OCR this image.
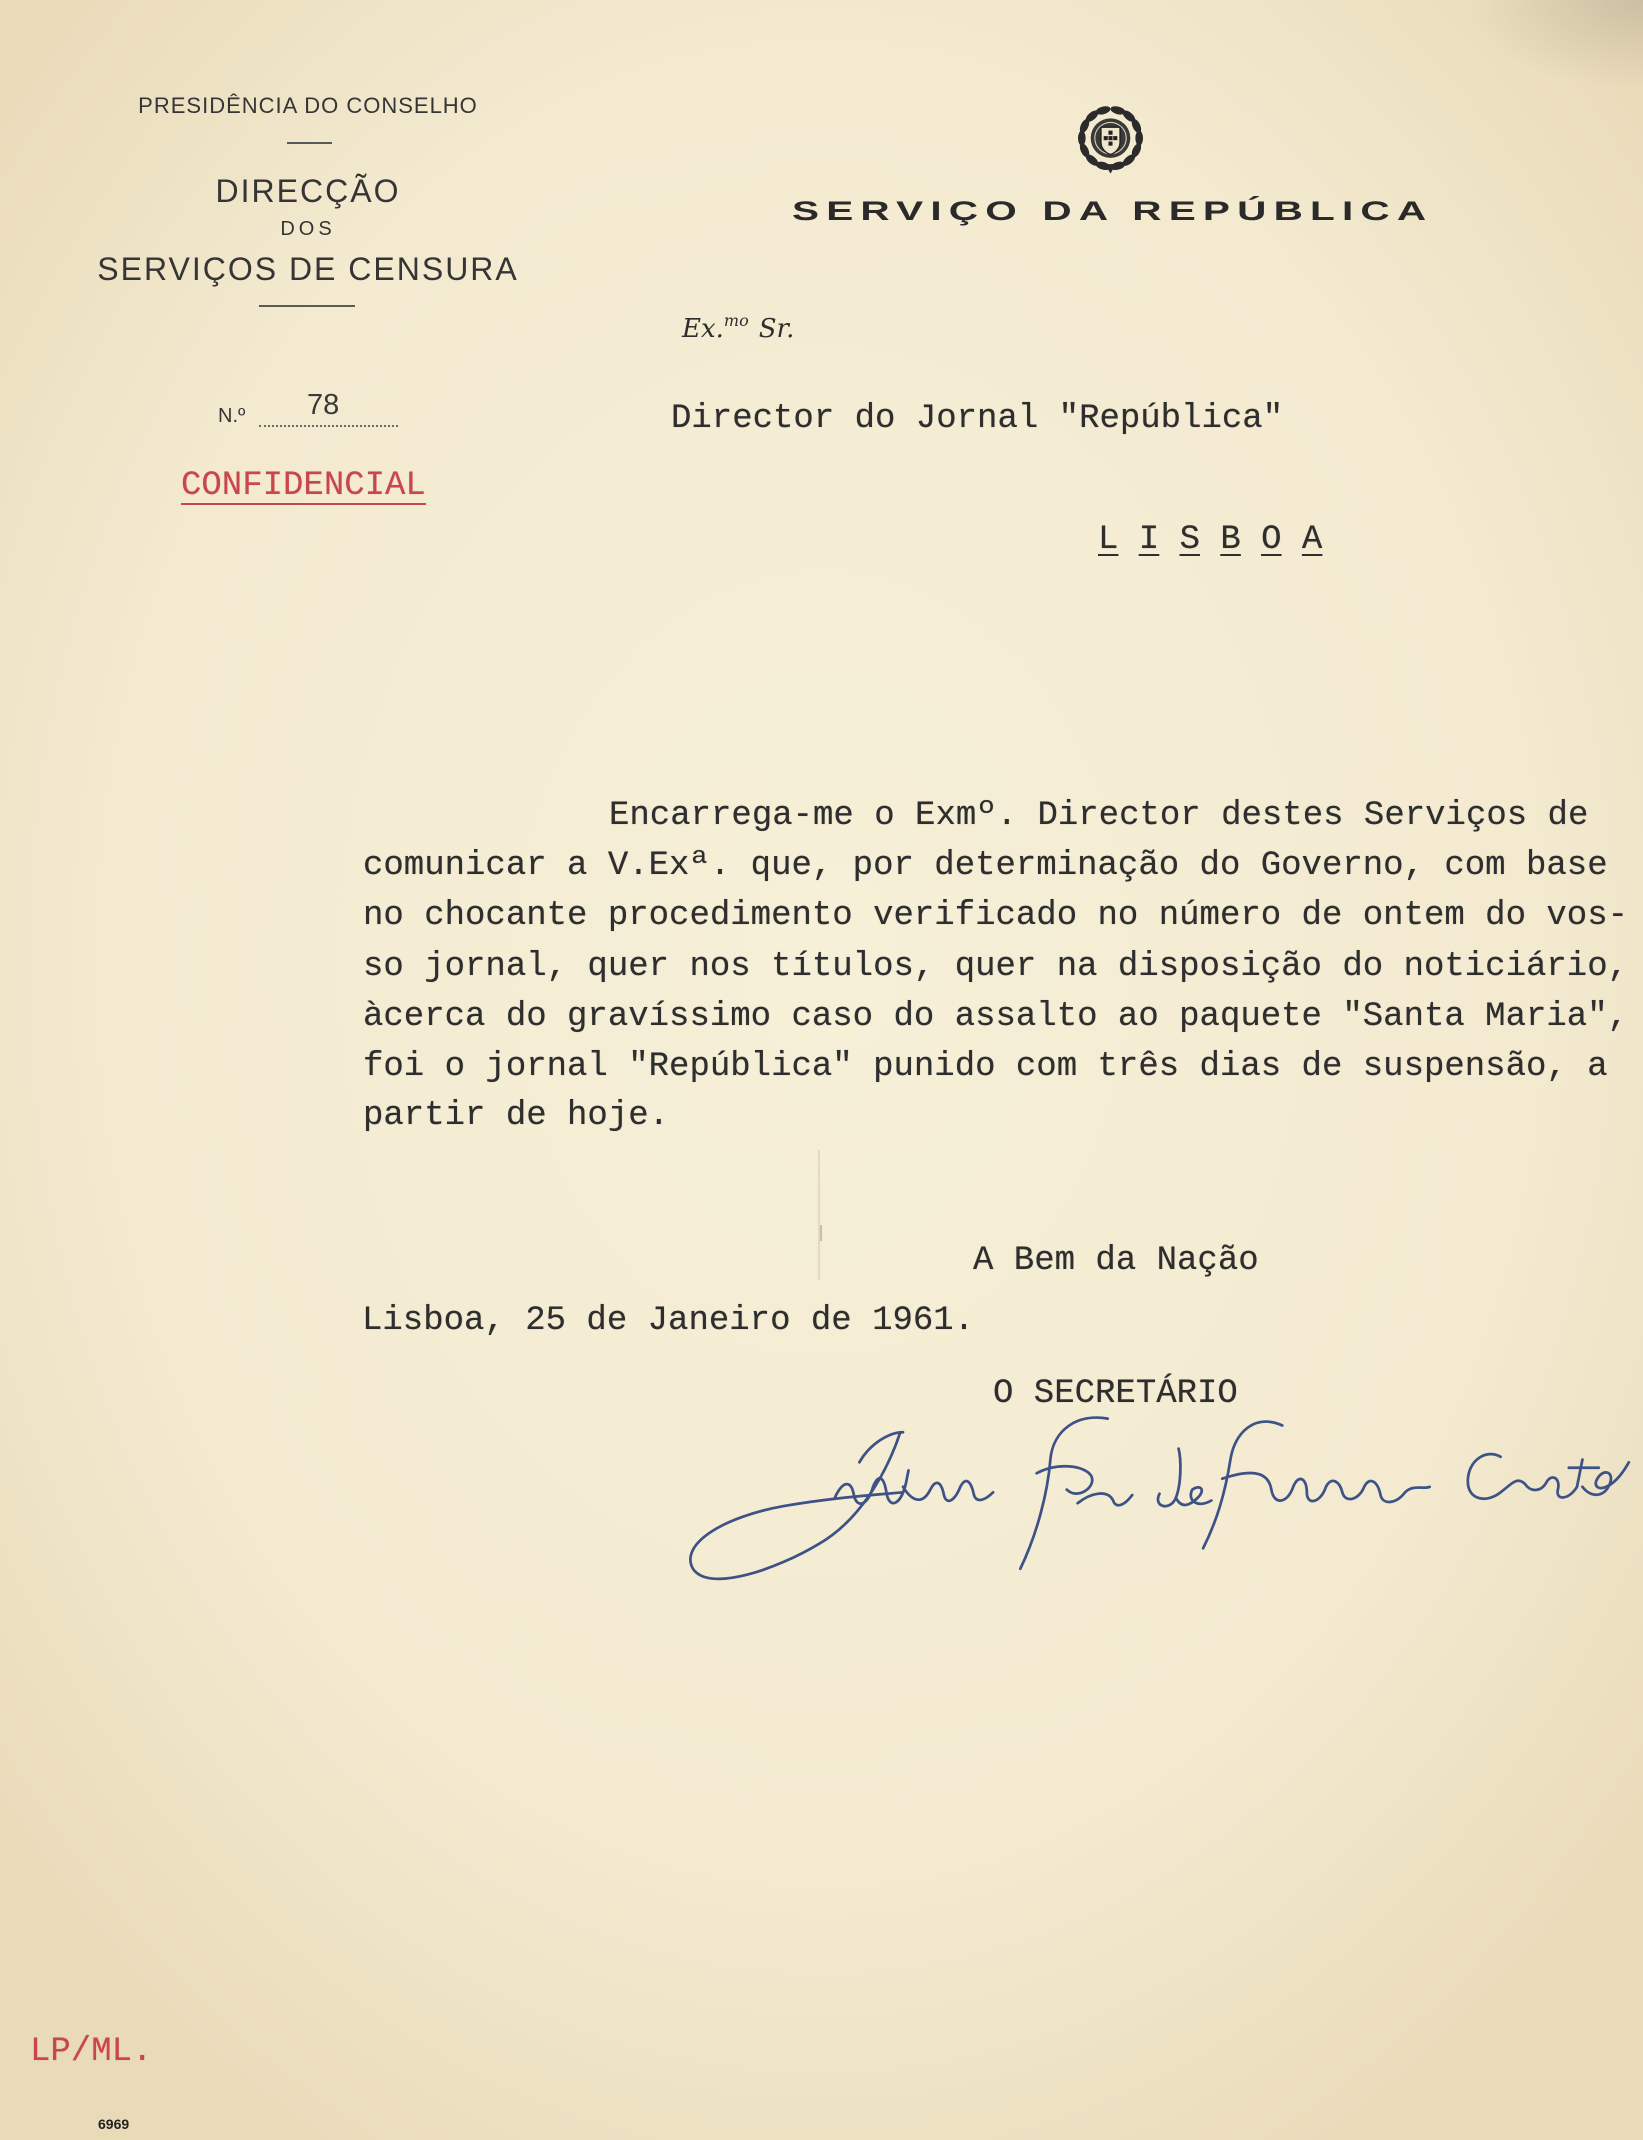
PRESIDÊNCIA DO CONSELHO
DIRECÇÃO
DOS
SERVIÇOS DE CENSURA
SERVIÇO DA REPÚBLICA
N.º 78
CONFIDENCIAL
Ex.$^{mo}$ Sr.
Director do Jornal "República"
L I S B O A

Encarrega-me o Exmº. Director destes Serviços de

comunicar a V.Exª. que, por determinação do Governo, com base

no chocante procedimento verificado no número de ontem do vos-

so jornal, quer nos títulos, quer na disposição do noticiário,

àcerca do gravíssimo caso do assalto ao paquete "Santa Maria",

foi o jornal "República" punido com três dias de suspensão, a

partir de hoje.

A Bem da Nação
Lisboa, 25 de Janeiro de 1961.
O SECRETÁRIO
LP/ML.
6969
